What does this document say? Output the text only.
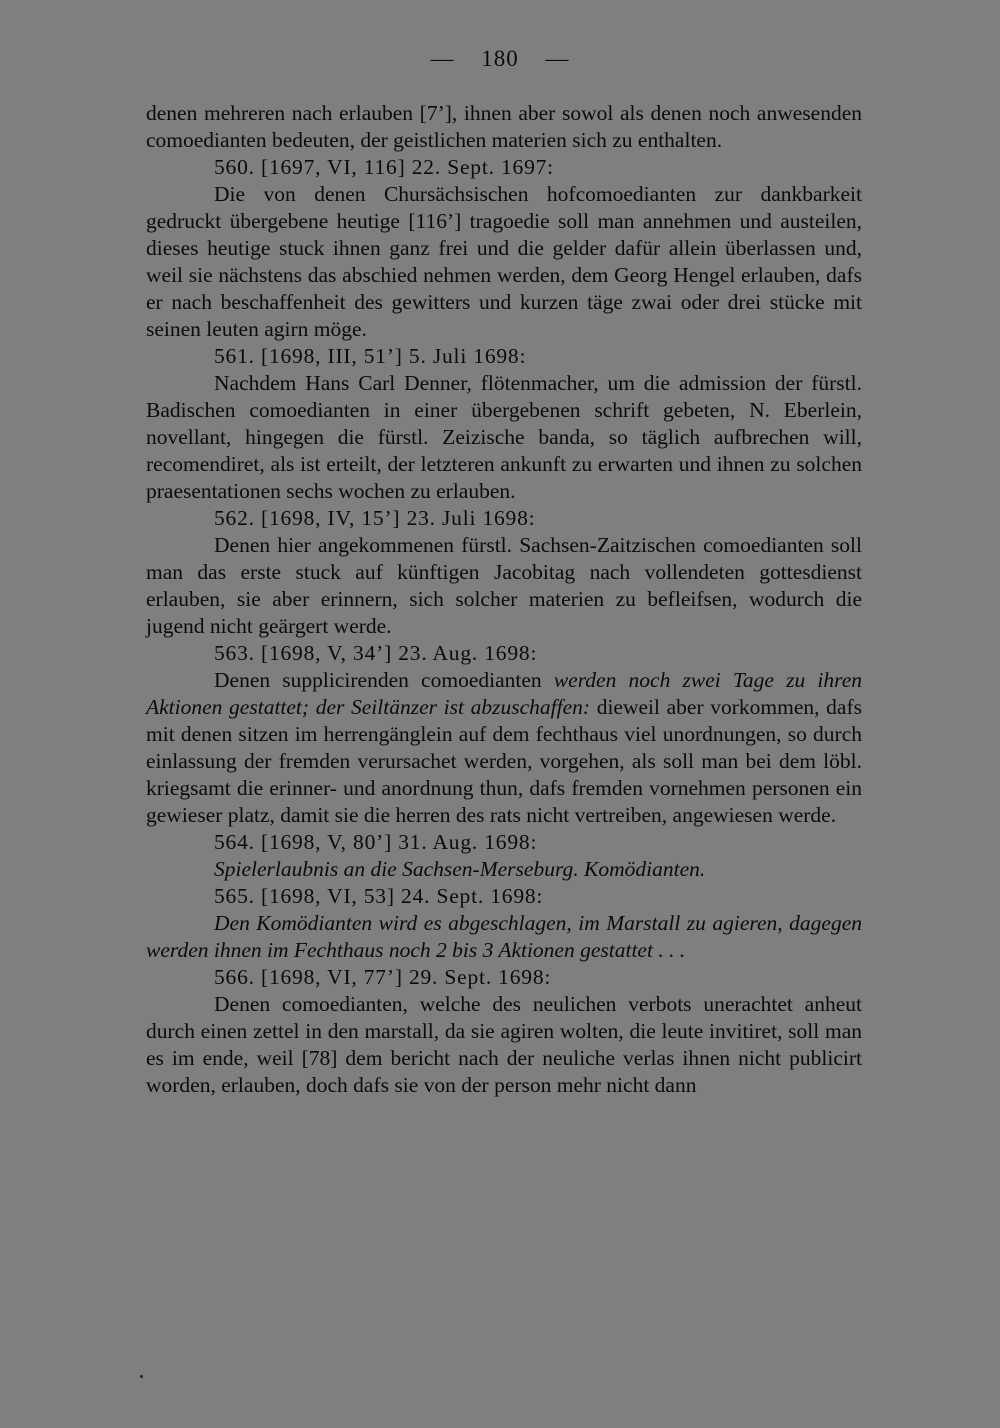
— 180 —

denen mehreren nach erlauben [7’], ihnen aber sowol als denen noch anwesenden comoedianten bedeuten, der geistlichen materien sich zu enthalten.

560. [1697, VI, 116] 22. Sept. 1697:

Die von denen Chursächsischen hofcomoedianten zur dankbarkeit gedruckt übergebene heutige [116’] tragoedie soll man annehmen und austeilen, dieses heutige stuck ihnen ganz frei und die gelder dafür allein überlassen und, weil sie nächstens das abschied nehmen werden, dem Georg Hengel erlauben, dafs er nach beschaffenheit des gewitters und kurzen täge zwai oder drei stücke mit seinen leuten agirn möge.

561. [1698, III, 51’] 5. Juli 1698:

Nachdem Hans Carl Denner, flötenmacher, um die admission der fürstl. Badischen comoedianten in einer übergebenen schrift gebeten, N. Eberlein, novellant, hingegen die fürstl. Zeizische banda, so täglich aufbrechen will, recomendiret, als ist erteilt, der letzteren ankunft zu erwarten und ihnen zu solchen praesentationen sechs wochen zu erlauben.

562. [1698, IV, 15’] 23. Juli 1698:

Denen hier angekommenen fürstl. Sachsen-Zaitzischen comoedianten soll man das erste stuck auf künftigen Jacobitag nach vollendeten gottesdienst erlauben, sie aber erinnern, sich solcher materien zu befleifsen, wodurch die jugend nicht geärgert werde.

563. [1698, V, 34’] 23. Aug. 1698:

Denen supplicirenden comoedianten werden noch zwei Tage zu ihren Aktionen gestattet; der Seiltänzer ist abzuschaffen: dieweil aber vorkommen, dafs mit denen sitzen im herrengänglein auf dem fechthaus viel unordnungen, so durch einlassung der fremden verursachet werden, vorgehen, als soll man bei dem löbl. kriegsamt die erinner- und anordnung thun, dafs fremden vornehmen personen ein gewieser platz, damit sie die herren des rats nicht vertreiben, angewiesen werde.

564. [1698, V, 80’] 31. Aug. 1698:

Spielerlaubnis an die Sachsen-Merseburg. Komödianten.

565. [1698, VI, 53] 24. Sept. 1698:

Den Komödianten wird es abgeschlagen, im Marstall zu agieren, dagegen werden ihnen im Fechthaus noch 2 bis 3 Aktionen gestattet . . .

566. [1698, VI, 77’] 29. Sept. 1698:

Denen comoedianten, welche des neulichen verbots unerachtet anheut durch einen zettel in den marstall, da sie agiren wolten, die leute invitiret, soll man es im ende, weil [78] dem bericht nach der neuliche verlas ihnen nicht publicirt worden, erlauben, doch dafs sie von der person mehr nicht dann
